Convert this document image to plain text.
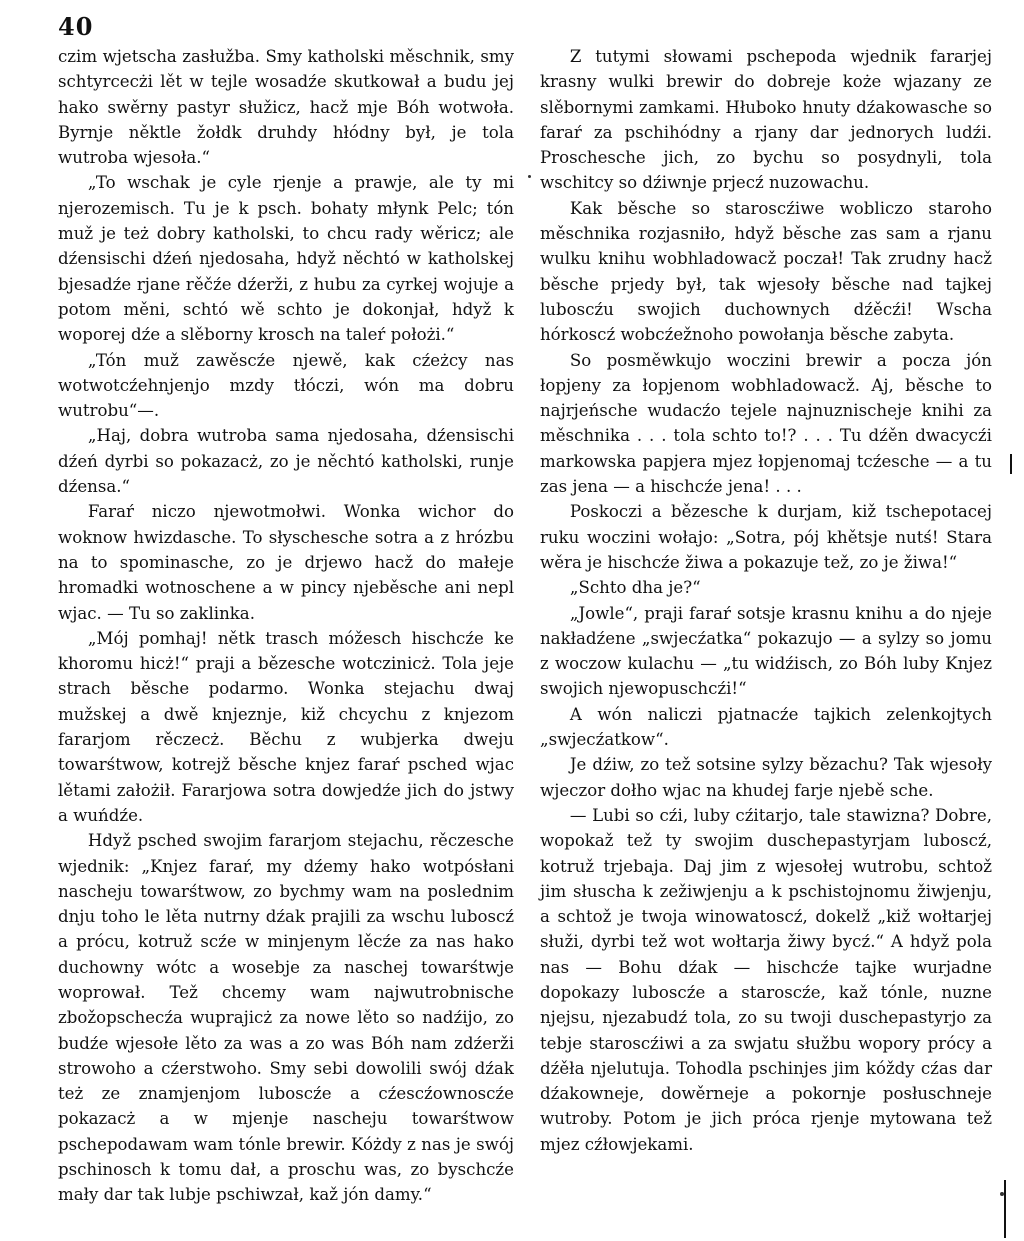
40

czim wjetscha zasłužba. Smy katholski měschnik, smy schtyrcecżi lět w tejle wosadźe skutkował a budu jej hako swěrny pastyr słužicz, hacž mje Bóh wotwoła. Byrnje něktle žołdk druhdy hłódny był, je tola wutroba wjesoła.“

„To wschak je cyle rjenje a prawje, ale ty mi njerozemisch. Tu je k psch. bohaty młynk Pelc; tón muž je też dobry katholski, to chcu rady wěricz; ale dźensischi dźeń njedosaha, hdyž něchtó w katholskej bjesadźe rjane rěčźe dźerži, z hubu za cyrkej wojuje a potom měni, schtó wě schto je dokonjał, hdyž k woporej dźe a slěborny krosch na taleŕ położi.“

„Tón muž zawěscźe njewě, kak cźeżcy nas wotwotcźehnjenjo mzdy tłóczi, wón ma dobru wutrobu“—.

„Haj, dobra wutroba sama njedosaha, dźensischi dźeń dyrbi so pokazacż, zo je něchtó katholski, runje dźensa.“

Faraŕ niczo njewotmołwi. Wonka wichor do woknow hwizdasche. To słyschesche sotra a z hrózbu na to spominasche, zo je drjewo hacž do małeje hromadki wotnoschene a w pincy njeběsche ani nepl wjac. — Tu so zaklinka.

„Mój pomhaj! nětk trasch móžesch hischcźe ke khoromu hicż!“ praji a bězesche wotczinicż. Tola jeje strach běsche podarmo. Wonka stejachu dwaj mužskej a dwě knjeznje, kiž chcychu z knjezom fararjom rěczecż. Běchu z wubjerka dweju towarśtwow, kotrejž běsche knjez faraŕ psched wjac lětami założił. Fararjowa sotra dowjedźe jich do jstwy a wuńdźe.

Hdyž psched swojim fararjom stejachu, rěczesche wjednik: „Knjez faraŕ, my dźemy hako wotpósłani nascheju towarśtwow, zo bychmy wam na poslednim dnju toho le lěta nutrny dźak prajili za wschu luboscź a prócu, kotruž scźe w minjenym lěcźe za nas hako duchowny wótc a wosebje za naschej towarśtwje woprował. Tež chcemy wam najwutrobnische zbožopschecźa wuprajicż za nowe lěto so nadźijo, zo budźe wjesołe lěto za was a zo was Bóh nam zdźerži strowoho a cźerstwoho. Smy sebi dowolili swój dźak też ze znamjenjom luboscźe a cźescźownoscźe pokazacż a w mjenje nascheju towarśtwow pschepodawam wam tónle brewir. Kóżdy z nas je swój pschinosch k tomu dał, a proschu was, zo byschcźe mały dar tak lubje pschiwzał, kaž jón damy.“

Z tutymi słowami pschepoda wjednik fararjej krasny wulki brewir do dobreje koże wjazany ze slěbornymi zamkami. Hłuboko hnuty dźakowasche so faraŕ za pschihódny a rjany dar jednorych ludźi. Proschesche jich, zo bychu so posydnyli, tola wschitcy so dźiwnje prjecź nuzowachu.

Kak běsche so staroscźiwe wobliczo staroho měschnika rozjasniło, hdyž běsche zas sam a rjanu wulku knihu wobhladowacž poczał! Tak zrudny hacž běsche prjedy był, tak wjesoły běsche nad tajkej luboscźu swojich duchownych dźěcźi! Wscha hórkoscź wobcźežnoho powołanja běsche zabyta.

So posměwkujo woczini brewir a pocza jón łopjeny za łopjenom wobhladowacž. Aj, běsche to najrjeńsche wudacźo tejele najnuznischeje knihi za měschnika . . . tola schto to!? . . . Tu dźěn dwacycźi markowska papjera mjez łopjenomaj tcźesche — a tu zas jena — a hischcźe jena! . . .

Poskoczi a bězesche k durjam, kiž tschepotacej ruku woczini wołajo: „Sotra, pój khětsje nutś! Stara wěra je hischcźe žiwa a pokazuje tež, zo je žiwa!“

„Schto dha je?“

„Jowle“, praji faraŕ sotsje krasnu knihu a do njeje nakładźene „swjecźatka“ pokazujo — a sylzy so jomu z woczow kulachu — „tu widźisch, zo Bóh luby Knjez swojich njewopuschcźi!“

A wón naliczi pjatnacźe tajkich zelenkojtych „swjecźatkow“.

Je dźiw, zo tež sotsine sylzy bězachu? Tak wjesoły wjeczor dołho wjac na khudej farje njebě sche.

— Lubi so cźi, luby cźitarjo, tale stawizna? Dobre, wopokaž tež ty swojim duschepastyrjam luboscź, kotruž trjebaja. Daj jim z wjesołej wutrobu, schtož jim słuscha k zežiwjenju a k pschistojnomu žiwjenju, a schtož je twoja winowatoscź, dokelž „kiž wołtarjej słuži, dyrbi tež wot wołtarja žiwy bycź.“ A hdyž pola nas — Bohu dźak — hischcźe tajke wurjadne dopokazy luboscźe a staroscźe, kaž tónle, nuzne njejsu, njezabudź tola, zo su twoji duschepastyrjo za tebje staroscźiwi a za swjatu słužbu wopory prócy a dźěła njelutuja. Tohodla pschinjes jim kóždy cźas dar dźakowneje, dowěrneje a pokornje posłuschneje wutroby. Potom je jich próca rjenje mytowana tež mjez cźłowjekami.
